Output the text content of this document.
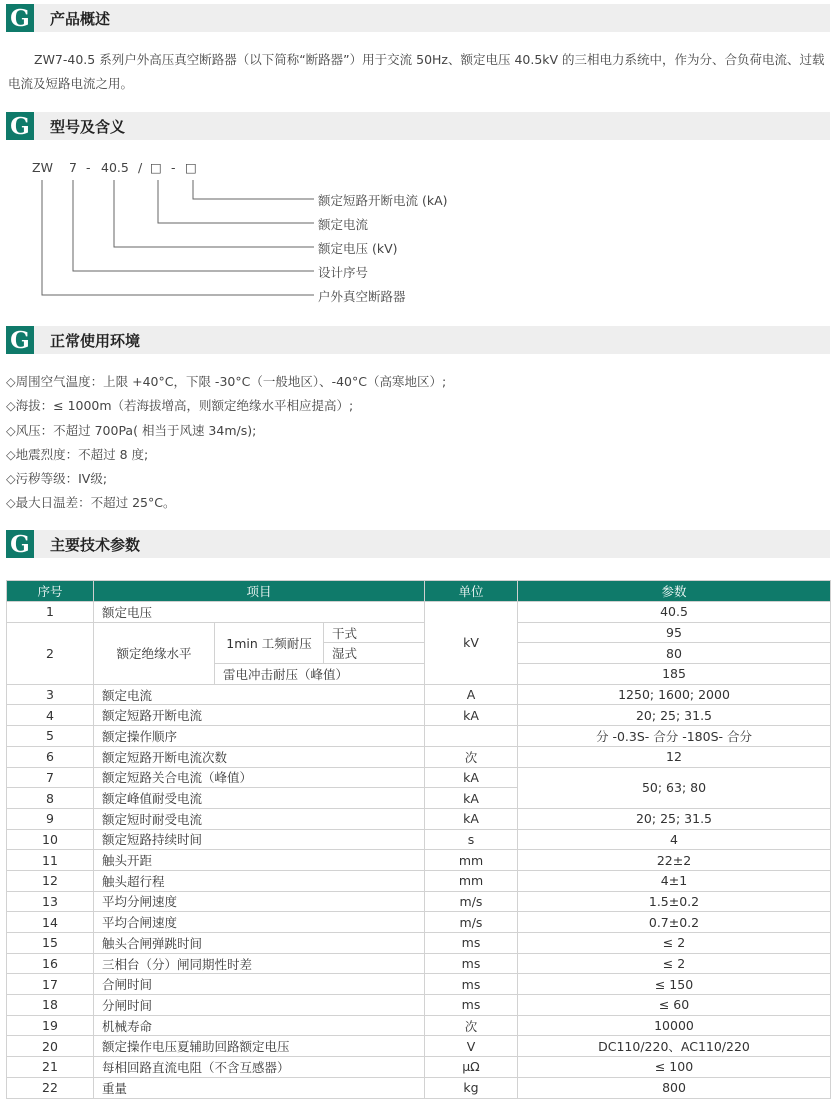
G 产品概述

ZW7-40.5 系列户外高压真空断路器（以下简称“断路器”）用于交流 50Hz、额定电压 40.5kV 的三相电力系统中，作为分、合负荷电流、过载电流及短路电流之用。

G 型号及含义
ZW 7 - 40.5 / □ - □
额定短路开断电流 (kA)
额定电流
额定电压 (kV)
设计序号
户外真空断路器
G 正常使用环境
◇周围空气温度：上限 +40°C，下限 -30°C（一般地区）、-40°C（高寒地区）;
◇海拔：≤ 1000m（若海拔增高，则额定绝缘水平相应提高）;
◇风压：不超过 700Pa( 相当于风速 34m/s);
◇地震烈度：不超过 8 度;
◇污秽等级：IV级;
◇最大日温差：不超过 25°C。
G 主要技术参数
序号	项目			单位	参数
1	额定电压			kV	40.5
2	额定绝缘水平	1min 工频耐压	干式		95
			湿式		80
		雷电冲击耐压（峰值）			185
3	额定电流			A	1250; 1600; 2000
4	额定短路开断电流			kA	20; 25; 31.5
5	额定操作顺序				分 -0.3S- 合分 -180S- 合分
6	额定短路开断电流次数			次	12
7	额定短路关合电流（峰值）			kA	50; 63; 80
8	额定峰值耐受电流			kA	
9	额定短时耐受电流			kA	20; 25; 31.5
10	额定短路持续时间			s	4
11	触头开距			mm	22±2
12	触头超行程			mm	4±1
13	平均分闸速度			m/s	1.5±0.2
14	平均合闸速度			m/s	0.7±0.2
15	触头合闸弹跳时间			ms	≤ 2
16	三相台（分）闸同期性时差			ms	≤ 2
17	合闸时间			ms	≤ 150
18	分闸时间			ms	≤ 60
19	机械寿命			次	10000
20	额定操作电压夏辅助回路额定电压			V	DC110/220、AC110/220
21	每相回路直流电阻（不含互感器）			μΩ	≤ 100
22	重量			kg	800
